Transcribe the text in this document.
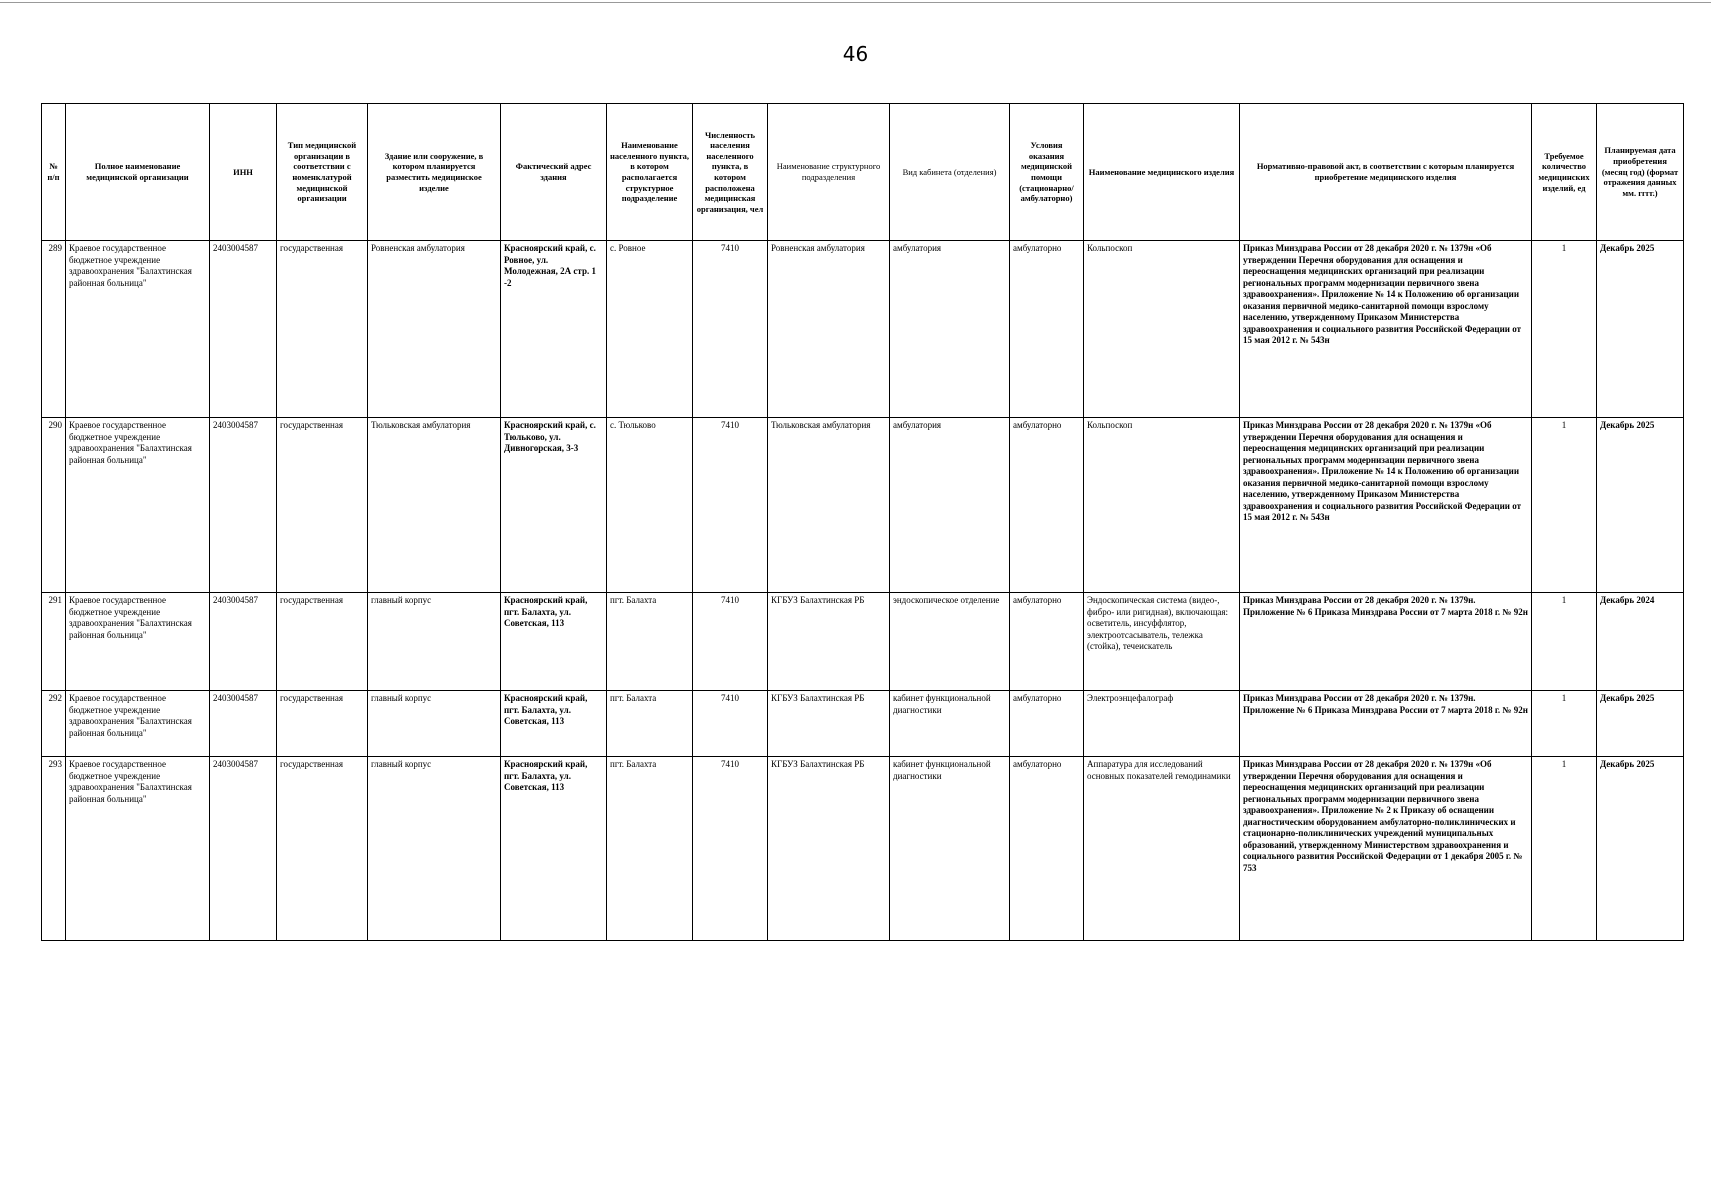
46
№ п/п	Полное наименование медицинской организации	ИНН	Тип медицинской организации в соответствии с номенклатурой медицинской организации	Здание или сооружение, в котором планируется разместить медицинское изделие	Фактический адрес здания	Наименование населенного пункта, в котором располагается структурное подразделение	Численность населения населенного пункта, в котором расположена медицинская организация, чел	Наименование структурного подразделения	Вид кабинета (отделения)	Условия оказания медицинской помощи (стационарно/амбулаторно)	Наименование медицинского изделия	Нормативно-правовой акт, в соответствии с которым планируется приобретение медицинского изделия	Требуемое количество медицинских изделий, ед	Планируемая дата приобретения (месяц год) (формат отражения данных мм. гггг.)
289	Краевое государственное бюджетное учреждение здравоохранения "Балахтинская районная больница"	2403004587	государственная	Ровненская амбулатория	Красноярский край, с. Ровное, ул. Молодежная, 2А стр. 1 -2	с. Ровное	7410	Ровненская амбулатория	амбулатория	амбулаторно	Кольпоскоп	Приказ Минздрава России от 28 декабря 2020 г. № 1379н «Об утверждении Перечня оборудования для оснащения и переоснащения медицинских организаций при реализации региональных программ модернизации первичного звена здравоохранения». Приложение № 14 к Положению об организации оказания первичной медико-санитарной помощи взрослому населению, утвержденному Приказом Министерства здравоохранения и социального развития Российской Федерации от 15 мая 2012 г. № 543н	1	Декабрь 2025
290	Краевое государственное бюджетное учреждение здравоохранения "Балахтинская районная больница"	2403004587	государственная	Тюльковская амбулатория	Красноярский край, с. Тюльково, ул. Дивногорская, 3-3	с. Тюльково	7410	Тюльковская амбулатория	амбулатория	амбулаторно	Кольпоскоп	Приказ Минздрава России от 28 декабря 2020 г. № 1379н «Об утверждении Перечня оборудования для оснащения и переоснащения медицинских организаций при реализации региональных программ модернизации первичного звена здравоохранения». Приложение № 14 к Положению об организации оказания первичной медико-санитарной помощи взрослому населению, утвержденному Приказом Министерства здравоохранения и социального развития Российской Федерации от 15 мая 2012 г. № 543н	1	Декабрь 2025
291	Краевое государственное бюджетное учреждение здравоохранения "Балахтинская районная больница"	2403004587	государственная	главный корпус	Красноярский край, пгт. Балахта, ул. Советская, 113	пгт. Балахта	7410	КГБУЗ Балахтинская РБ	эндоскопическое отделение	амбулаторно	Эндоскопическая система (видео-, фибро- или ригидная), включающая: осветитель, инсуффлятор, электроотсасыватель, тележка (стойка), течеискатель	Приказ Минздрава России от 28 декабря 2020 г. № 1379н. Приложение № 6 Приказа Минздрава России от 7 марта 2018 г. № 92н	1	Декабрь 2024
292	Краевое государственное бюджетное учреждение здравоохранения "Балахтинская районная больница"	2403004587	государственная	главный корпус	Красноярский край, пгт. Балахта, ул. Советская, 113	пгт. Балахта	7410	КГБУЗ Балахтинская РБ	кабинет функциональной диагностики	амбулаторно	Электроэнцефалограф	Приказ Минздрава России от 28 декабря 2020 г. № 1379н. Приложение № 6 Приказа Минздрава России от 7 марта 2018 г. № 92н	1	Декабрь 2025
293	Краевое государственное бюджетное учреждение здравоохранения "Балахтинская районная больница"	2403004587	государственная	главный корпус	Красноярский край, пгт. Балахта, ул. Советская, 113	пгт. Балахта	7410	КГБУЗ Балахтинская РБ	кабинет функциональной диагностики	амбулаторно	Аппаратура для исследований основных показателей гемодинамики	Приказ Минздрава России от 28 декабря 2020 г. № 1379н «Об утверждении Перечня оборудования для оснащения и переоснащения медицинских организаций при реализации региональных программ модернизации первичного звена здравоохранения». Приложение № 2 к Приказу об оснащении диагностическим оборудованием амбулаторно-поликлинических и стационарно-поликлинических учреждений муниципальных образований, утвержденному Министерством здравоохранения и социального развития Российской Федерации от 1 декабря 2005 г. № 753	1	Декабрь 2025
